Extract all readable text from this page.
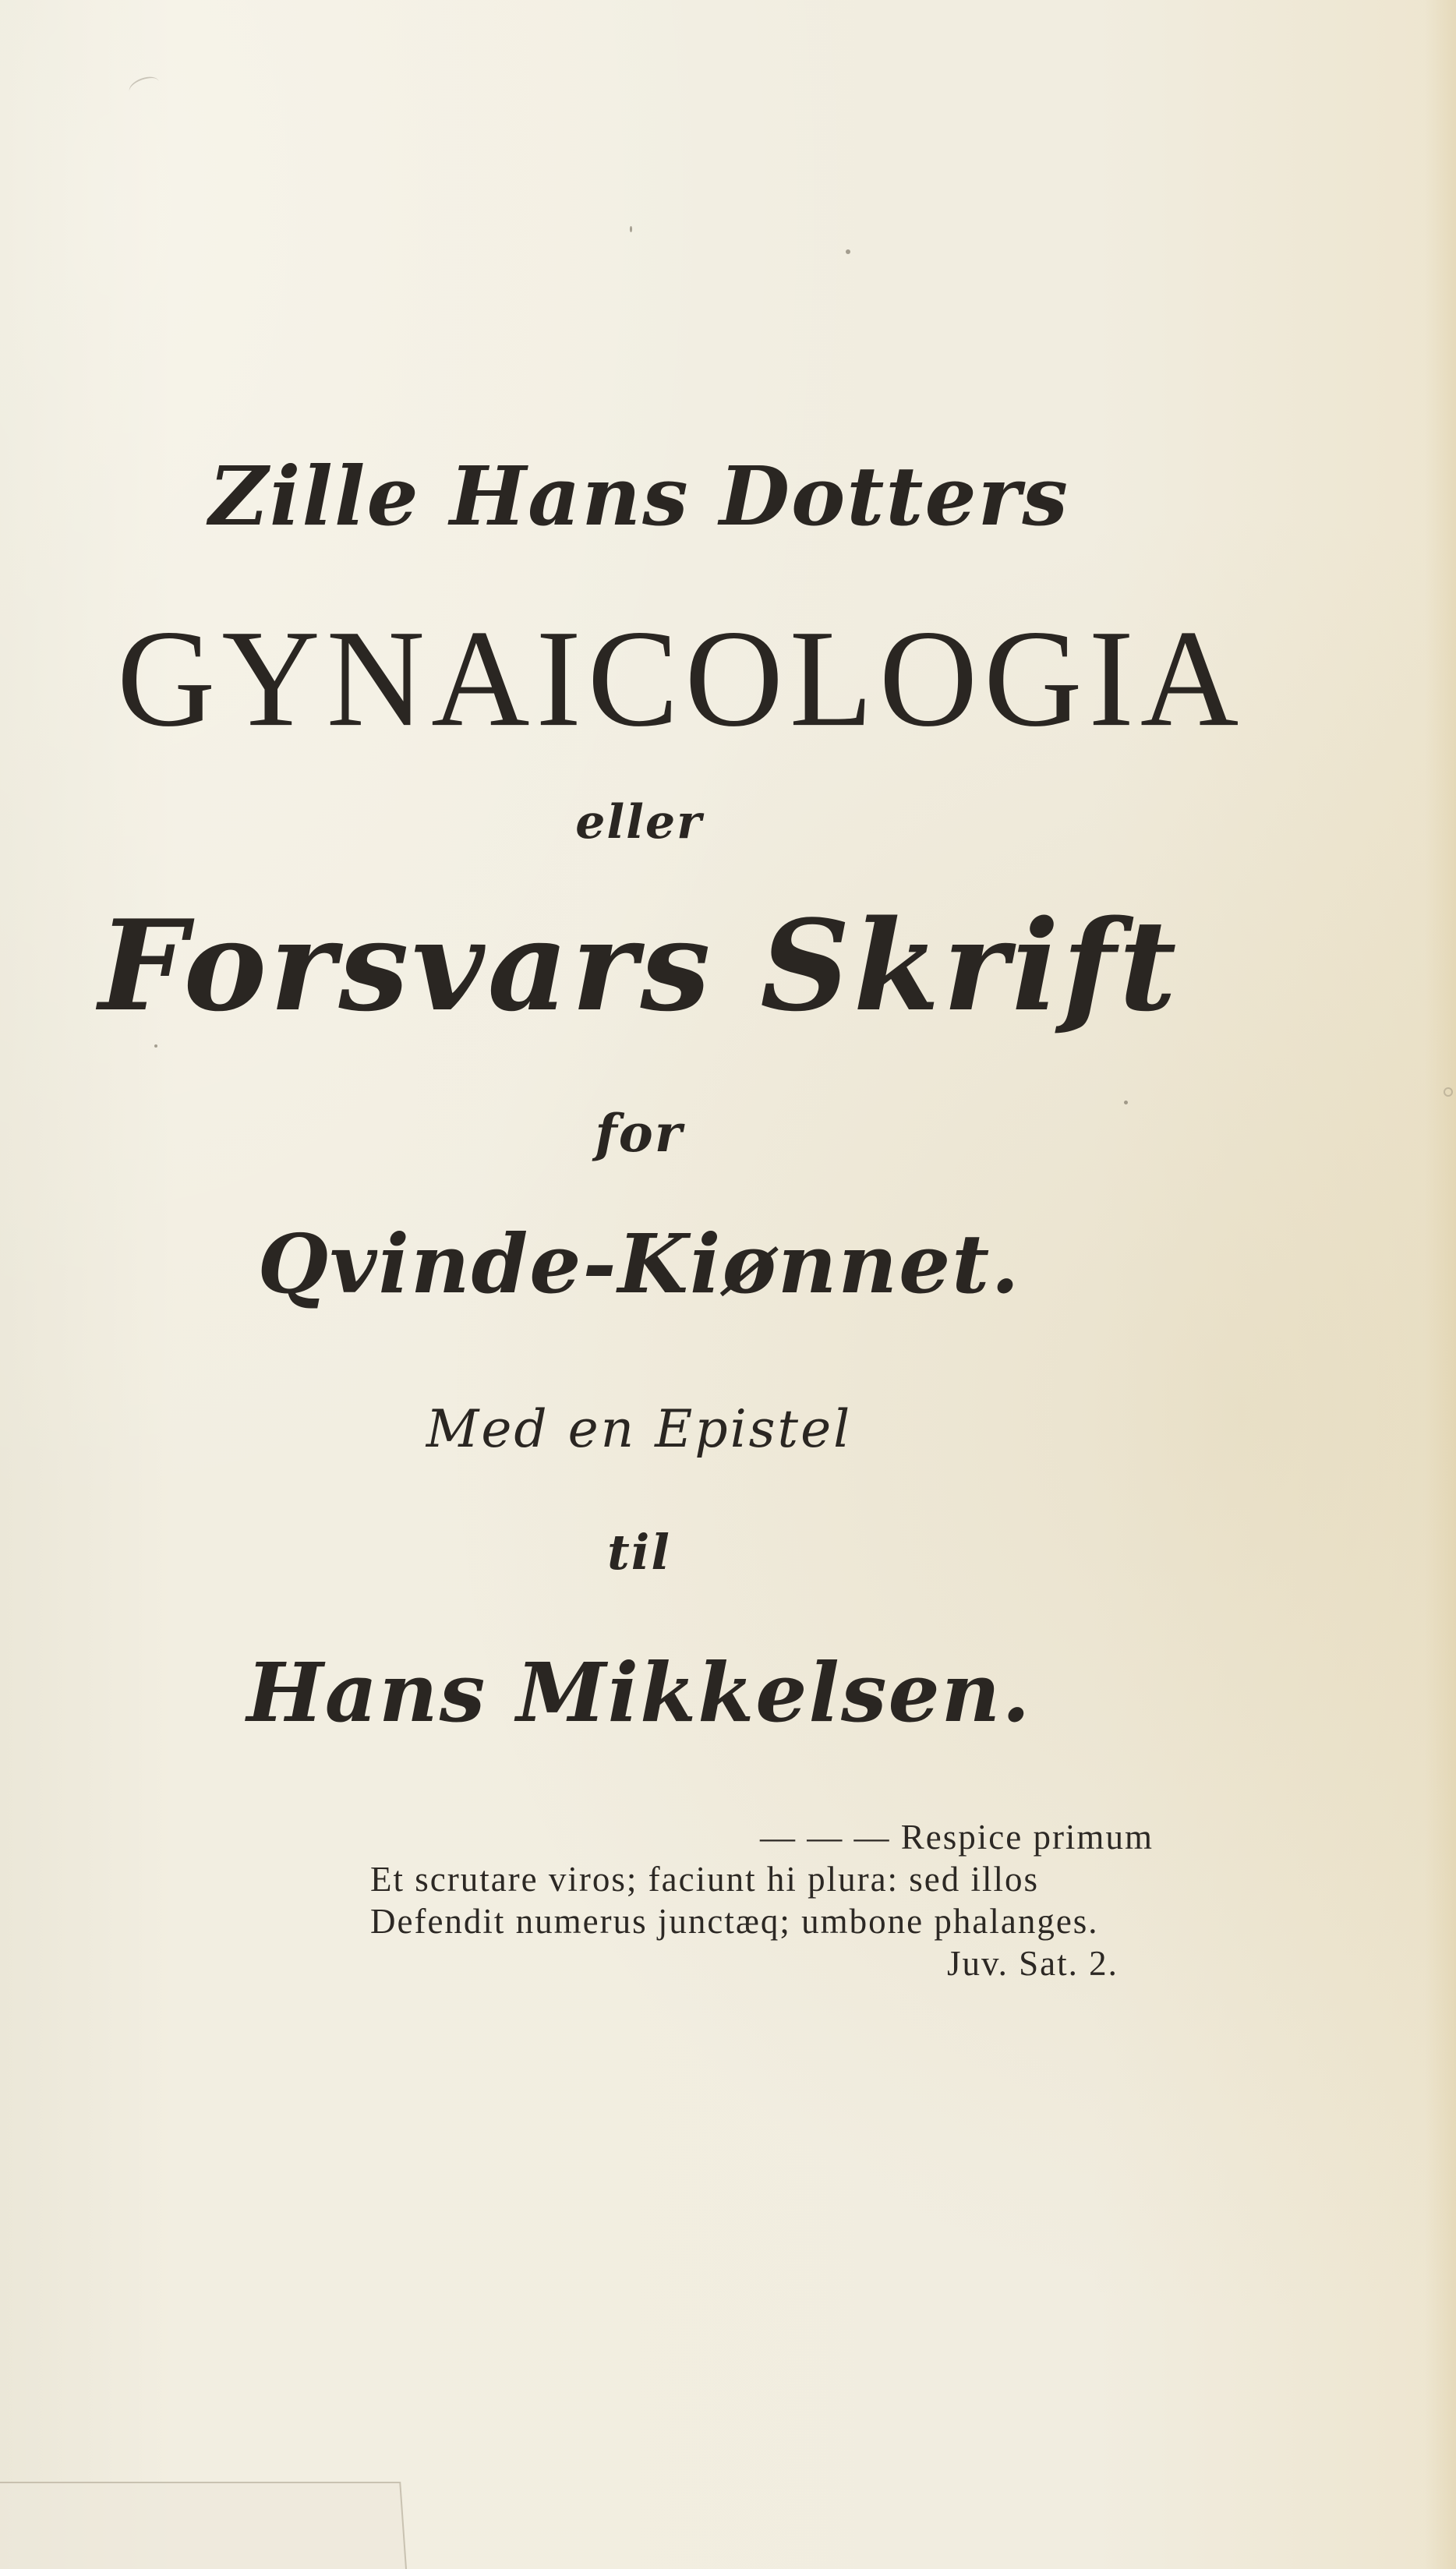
Zille Hans Dotters
GYNAICOLOGIA
eller
Forsvars Skrift
for
Qvinde-Kiønnet.
Med en Epistel
til
Hans Mikkelsen.
— — — Respice primum
Et scrutare viros; faciunt hi plura: sed illos
Defendit numerus junctæq; umbone phalanges.
Juv. Sat. 2.
